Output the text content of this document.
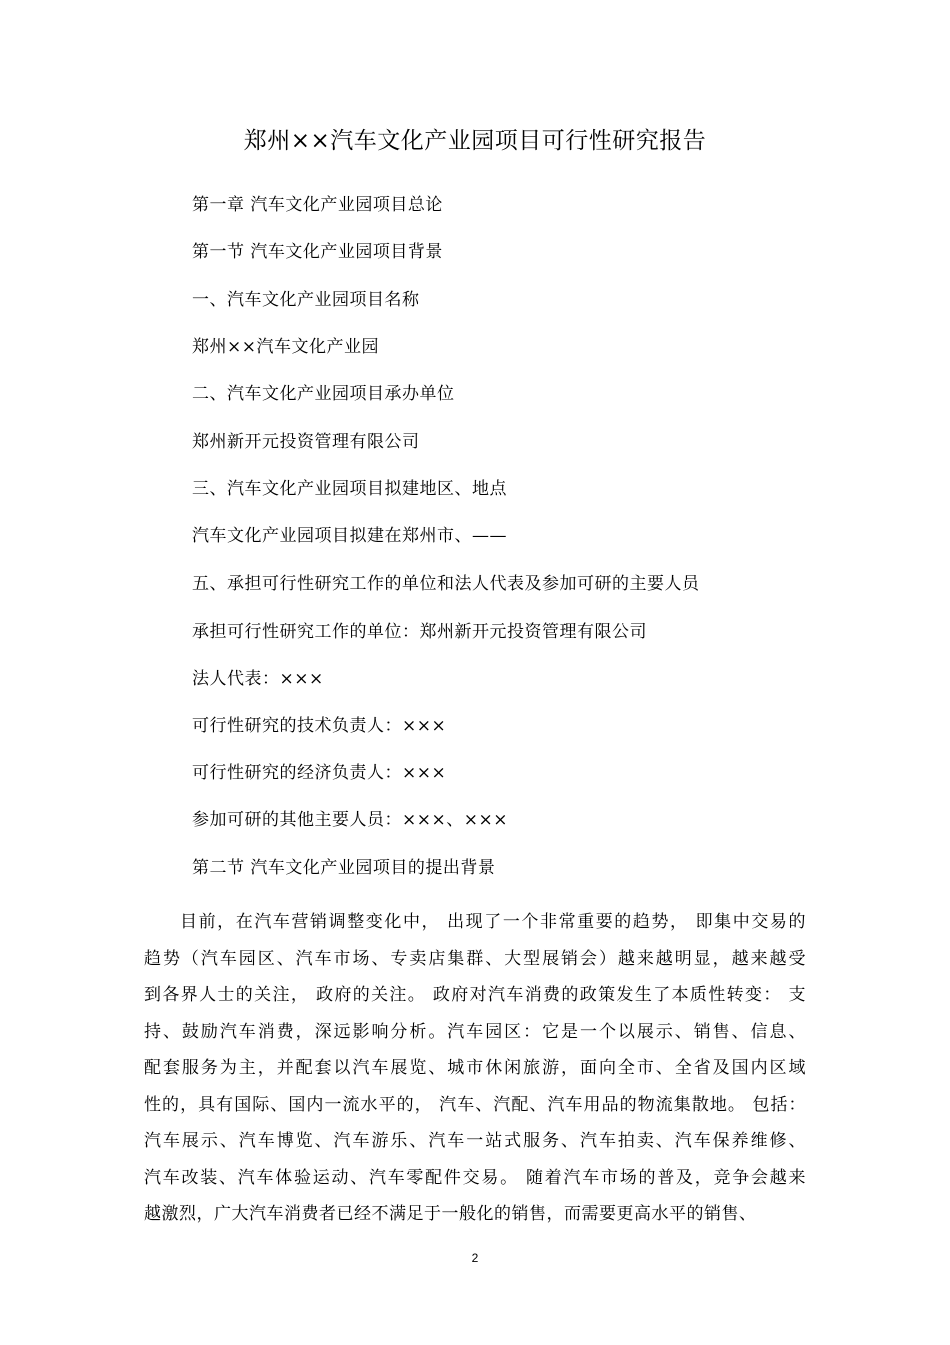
郑州××汽车文化产业园项目可行性研究报告
第一章 汽车文化产业园项目总论
第一节 汽车文化产业园项目背景
一、汽车文化产业园项目名称
郑州××汽车文化产业园
二、汽车文化产业园项目承办单位
郑州新开元投资管理有限公司
三、汽车文化产业园项目拟建地区、地点
汽车文化产业园项目拟建在郑州市、——
五、承担可行性研究工作的单位和法人代表及参加可研的主要人员
承担可行性研究工作的单位：郑州新开元投资管理有限公司
法人代表：×××
可行性研究的技术负责人：×××
可行性研究的经济负责人：×××
参加可研的其他主要人员：×××、×××
第二节 汽车文化产业园项目的提出背景
目前，在汽车营销调整变化中， 出现了一个非常重要的趋势， 即集中交易的
趋势（汽车园区、汽车市场、专卖店集群、大型展销会）越来越明显，越来越受
到各界人士的关注， 政府的关注。 政府对汽车消费的政策发生了本质性转变： 支
持、鼓励汽车消费，深远影响分析。汽车园区：它是一个以展示、销售、信息、
配套服务为主，并配套以汽车展览、城市休闲旅游，面向全市、全省及国内区域
性的，具有国际、国内一流水平的， 汽车、汽配、汽车用品的物流集散地。 包括：
汽车展示、汽车博览、汽车游乐、汽车一站式服务、汽车拍卖、汽车保养维修、
汽车改装、汽车体验运动、汽车零配件交易。 随着汽车市场的普及，竞争会越来
越激烈，广大汽车消费者已经不满足于一般化的销售，而需要更高水平的销售、
2
